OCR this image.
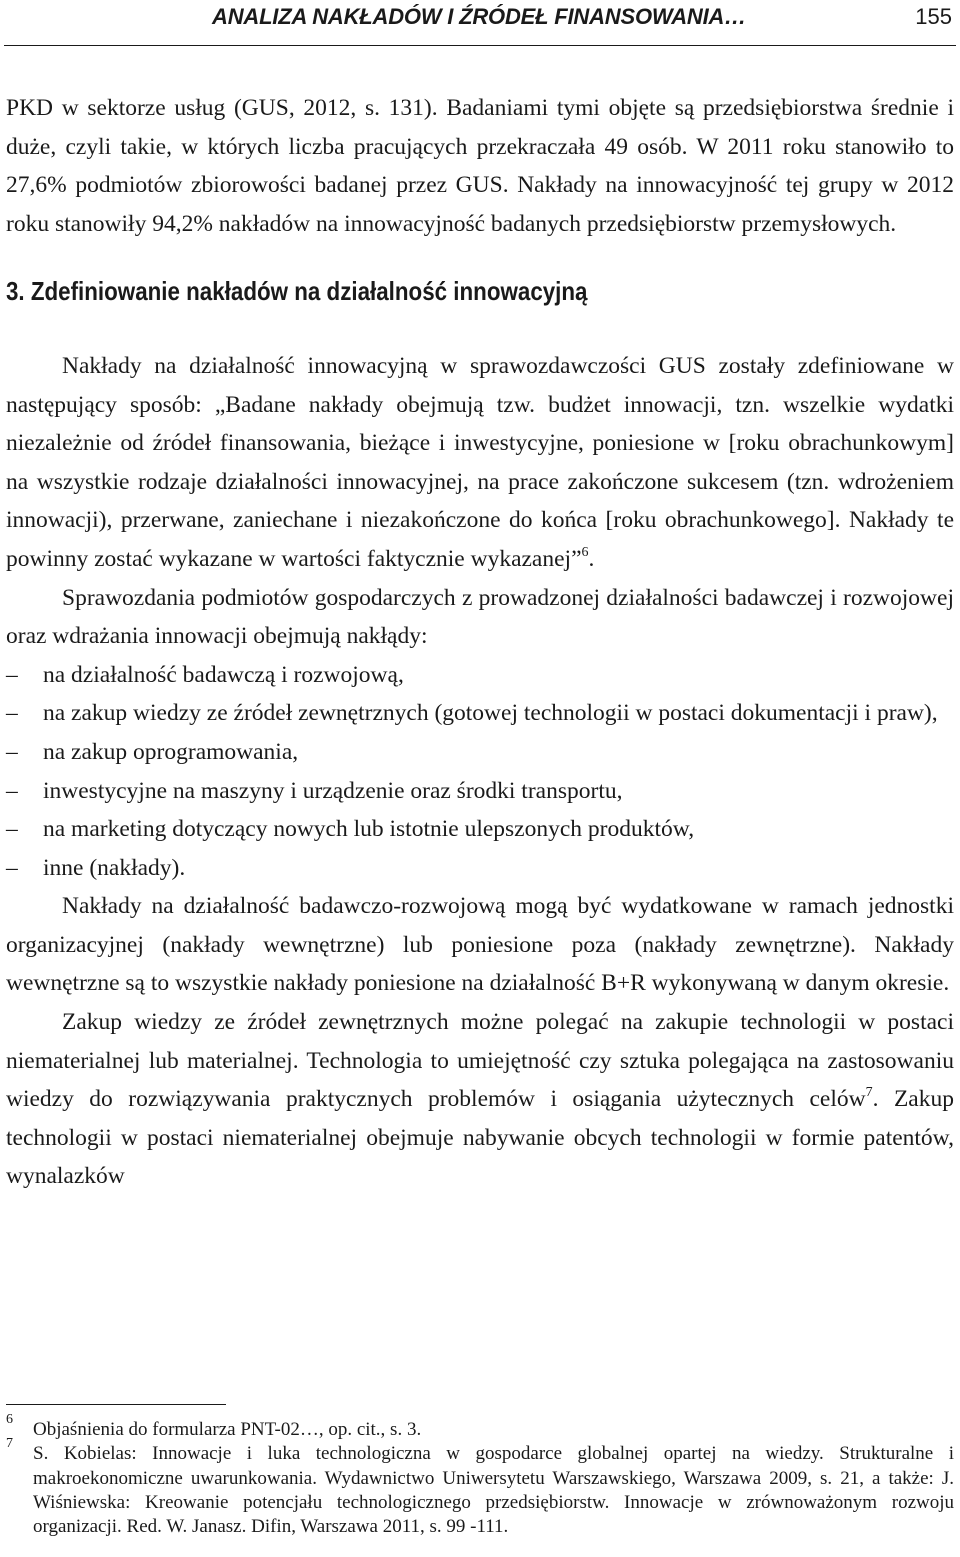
ANALIZA NAKŁADÓW I ŹRÓDEŁ FINANSOWANIA…	155

PKD w sektorze usług (GUS, 2012, s. 131). Badaniami tymi objęte są przedsiębiorstwa średnie i duże, czyli takie, w których liczba pracujących przekraczała 49 osób. W 2011 roku stanowiło to 27,6% podmiotów zbiorowości badanej przez GUS. Nakłady na innowacyjność tej grupy w 2012 roku stanowiły 94,2% nakładów na innowacyjność badanych przedsiębiorstw przemysłowych.

3. Zdefiniowanie nakładów na działalność innowacyjną

Nakłady na działalność innowacyjną w sprawozdawczości GUS zostały zdefiniowane w następujący sposób: „Badane nakłady obejmują tzw. budżet innowacji, tzn. wszelkie wydatki niezależnie od źródeł finansowania, bieżące i inwestycyjne, poniesione w [roku obrachunkowym] na wszystkie rodzaje działalności innowacyjnej, na prace zakończone sukcesem (tzn. wdrożeniem innowacji), przerwane, zaniechane i niezakończone do końca [roku obrachunkowego]. Nakłady te powinny zostać wykazane w wartości faktycznie wykazanej”$^6$.

Sprawozdania podmiotów gospodarczych z prowadzonej działalności badawczej i rozwojowej oraz wdrażania innowacji obejmują nakłądy:

– na działalność badawczą i rozwojową,
– na zakup wiedzy ze źródeł zewnętrznych (gotowej technologii w postaci dokumentacji i praw),
– na zakup oprogramowania,
– inwestycyjne na maszyny i urządzenie oraz środki transportu,
– na marketing dotyczący nowych lub istotnie ulepszonych produktów,
– inne (nakłady).

Nakłady na działalność badawczo-rozwojową mogą być wydatkowane w ramach jednostki organizacyjnej (nakłady wewnętrzne) lub poniesione poza (nakłady zewnętrzne). Nakłady wewnętrzne są to wszystkie nakłady poniesione na działalność B+R wykonywaną w danym okresie.

Zakup wiedzy ze źródeł zewnętrznych możne polegać na zakupie technologii w postaci niematerialnej lub materialnej. Technologia to umiejętność czy sztuka polegająca na zastosowaniu wiedzy do rozwiązywania praktycznych problemów i osiągania użytecznych celów$^7$. Zakup technologii w postaci niematerialnej obejmuje nabywanie obcych technologii w formie patentów, wynalazków

6 Objaśnienia do formularza PNT-02…, op. cit., s. 3.
7 S. Kobielas: Innowacje i luka technologiczna w gospodarce globalnej opartej na wiedzy. Strukturalne i makroekonomiczne uwarunkowania. Wydawnictwo Uniwersytetu Warszawskiego, Warszawa 2009, s. 21, a także: J. Wiśniewska: Kreowanie potencjału technologicznego przedsiębiorstw. Innowacje w zrównoważonym rozwoju organizacji. Red. W. Janasz. Difin, Warszawa 2011, s. 99 -111.
